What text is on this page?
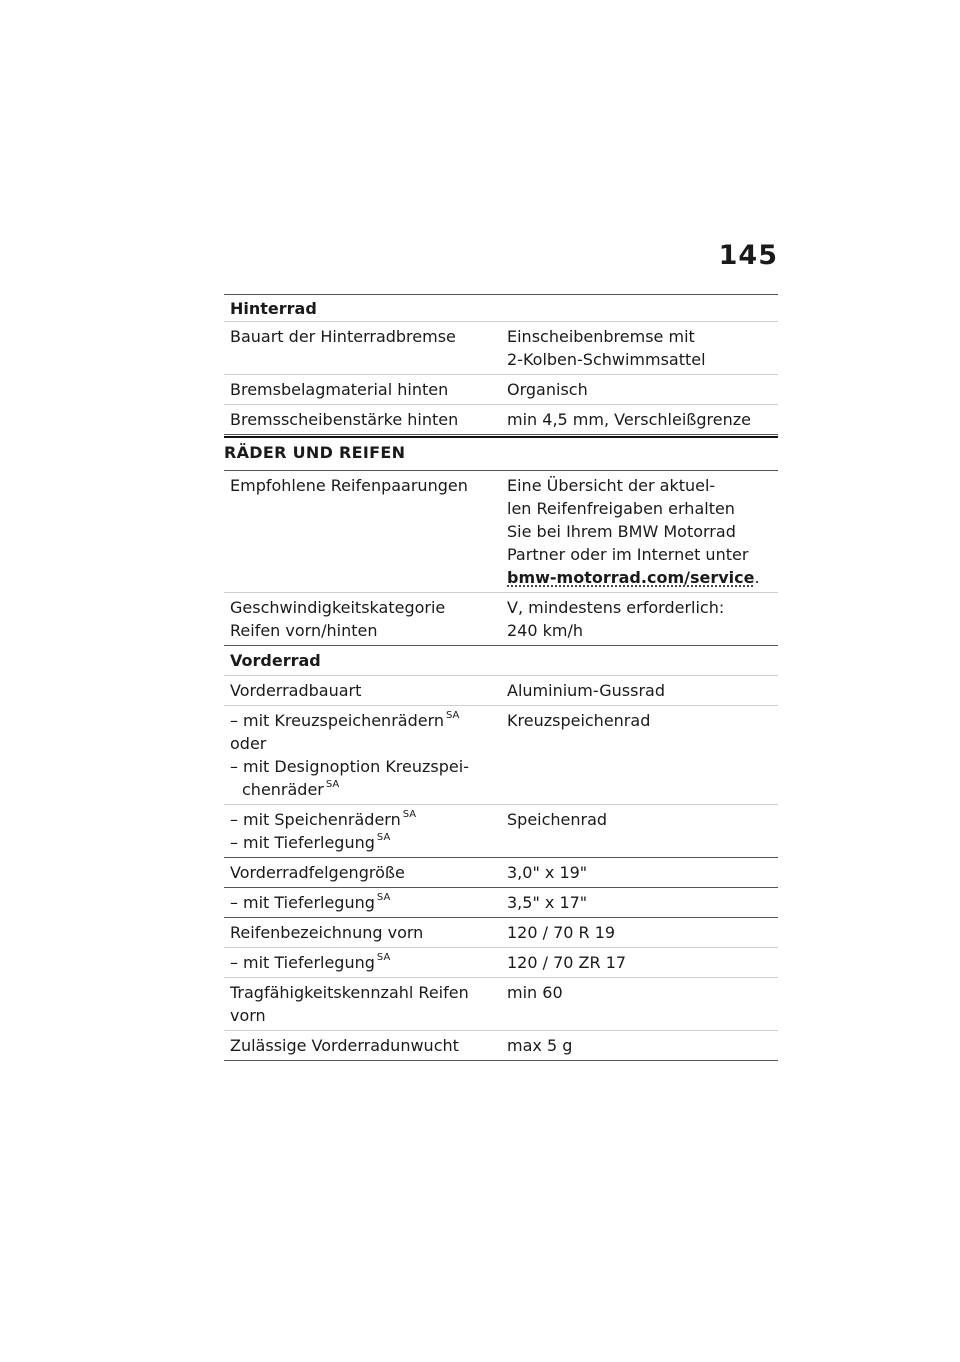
145
Hinterrad
Bauart der Hinterradbremse	Einscheibenbremse mit
2-Kolben-Schwimmsattel

Bremsbelagmaterial hinten	Organisch
Bremsscheibenstärke hinten	min 4,5 mm, Verschleißgrenze
RÄDER UND REIFEN
Empfohlene Reifenpaarungen	Eine Übersicht der aktuel-
len Reifenfreigaben erhalten
Sie bei Ihrem BMW Motorrad
Partner oder im Internet unter
bmw-motorrad.com/service.

Geschwindigkeitskategorie
Reifen vorn/hinten	V, mindestens erforderlich:
240 km/h

Vorderrad	
Vorderradbauart	Aluminium-Gussrad

– mit Kreuzspeichenrädern $^{SA}$
oder
– mit Designoption Kreuzspei-
chenräder $^{SA}$	Kreuzspeichenrad

– mit Speichenrädern $^{SA}$
– mit Tieferlegung $^{SA}$	Speichenrad
Vorderradfelgengröße	3,0" x 19"
– mit Tieferlegung $^{SA}$	3,5" x 17"
Reifenbezeichnung vorn	120 / 70 R 19
– mit Tieferlegung $^{SA}$	120 / 70 ZR 17

Tragfähigkeitskennzahl Reifen
vorn	min 60
Zulässige Vorderradunwucht	max 5 g
